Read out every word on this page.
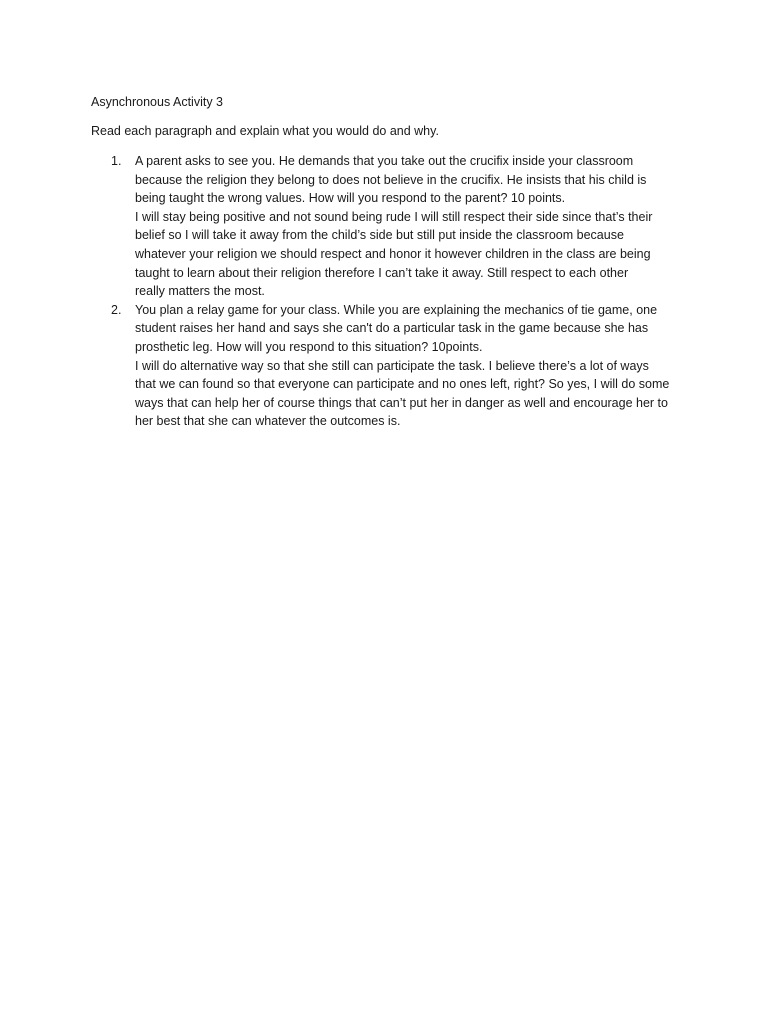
Asynchronous Activity 3
Read each paragraph and explain what you would do and why.
1. A parent asks to see you. He demands that you take out the crucifix inside your classroom
because the religion they belong to does not believe in the crucifix. He insists that his child is
being taught the wrong values. How will you respond to the parent? 10 points.
I will stay being positive and not sound being rude I will still respect their side since that’s their
belief so I will take it away from the child’s side but still put inside the classroom because
whatever your religion we should respect and honor it however children in the class are being
taught to learn about their religion therefore I can’t take it away. Still respect to each other
really matters the most.
2. You plan a relay game for your class. While you are explaining the mechanics of tie game, one
student raises her hand and says she can't do a particular task in the game because she has
prosthetic leg. How will you respond to this situation? 10points.
I will do alternative way so that she still can participate the task. I believe there’s a lot of ways
that we can found so that everyone can participate and no ones left, right? So yes, I will do some
ways that can help her of course things that can’t put her in danger as well and encourage her to
her best that she can whatever the outcomes is.
